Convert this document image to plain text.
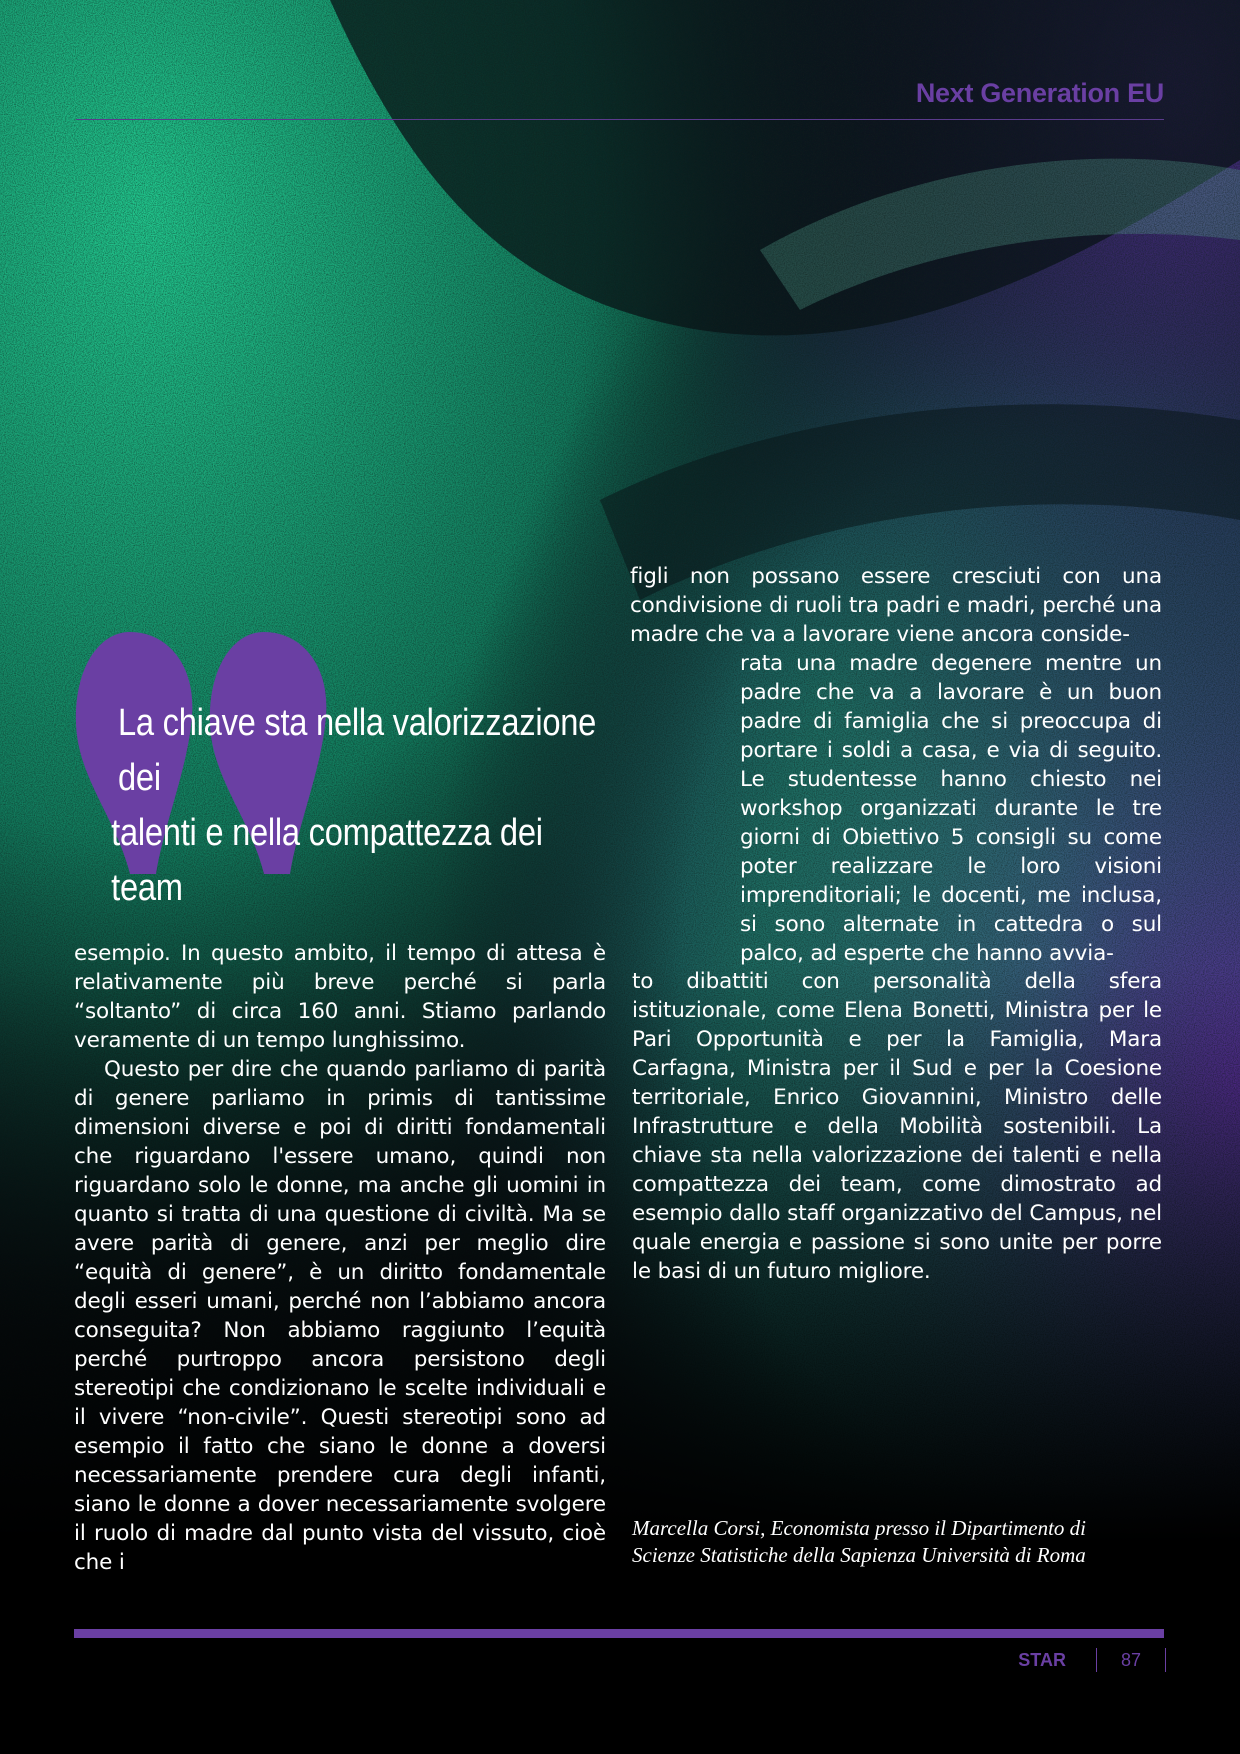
Next Generation EU
La chiave sta nella valorizzazione dei
talenti e nella compattezza dei team

figli non possano essere cresciuti con una condivisione di ruoli tra padri e madri, perché una madre che va a lavorare viene ancora conside-

rata una madre degenere mentre un padre che va a lavorare è un buon padre di famiglia che si preoccupa di portare i soldi a casa, e via di seguito. Le studentesse hanno chiesto nei workshop organizzati durante le tre giorni di Obiettivo 5 consigli su come poter realizzare le loro visioni imprenditoriali; le docenti, me inclusa, si sono alternate in cattedra o sul palco, ad esperte che hanno avvia-

to dibattiti con personalità della sfera istituzionale, come Elena Bonetti, Ministra per le Pari Opportunità e per la Famiglia, Mara Carfagna, Ministra per il Sud e per la Coesione territoriale, Enrico Giovannini, Ministro delle Infrastrutture e della Mobilità sostenibili. La chiave sta nella valorizzazione dei talenti e nella compattezza dei team, come dimostrato ad esempio dallo staff organizzativo del Campus, nel quale energia e passione si sono unite per porre le basi di un futuro migliore.

esempio. In questo ambito, il tempo di attesa è relativamente più breve perché si parla “soltanto” di circa 160 anni. Stiamo parlando veramente di un tempo lunghissimo.

Questo per dire che quando parliamo di parità di genere parliamo in primis di tantissime dimensioni diverse e poi di diritti fondamentali che riguardano l'essere umano, quindi non riguardano solo le donne, ma anche gli uomini in quanto si tratta di una questione di civiltà. Ma se avere parità di genere, anzi per meglio dire “equità di genere”, è un diritto fondamentale degli esseri umani, perché non l’abbiamo ancora conseguita? Non abbiamo raggiunto l’equità perché purtroppo ancora persistono degli stereotipi che condizionano le scelte individuali e il vivere “non-civile”. Questi stereotipi sono ad esempio il fatto che siano le donne a doversi necessariamente prendere cura degli infanti, siano le donne a dover necessariamente svolgere il ruolo di madre dal punto vista del vissuto, cioè che i

Marcella Corsi, Economista presso il Dipartimento di
Scienze Statistiche della Sapienza Università di Roma
STAR	87
